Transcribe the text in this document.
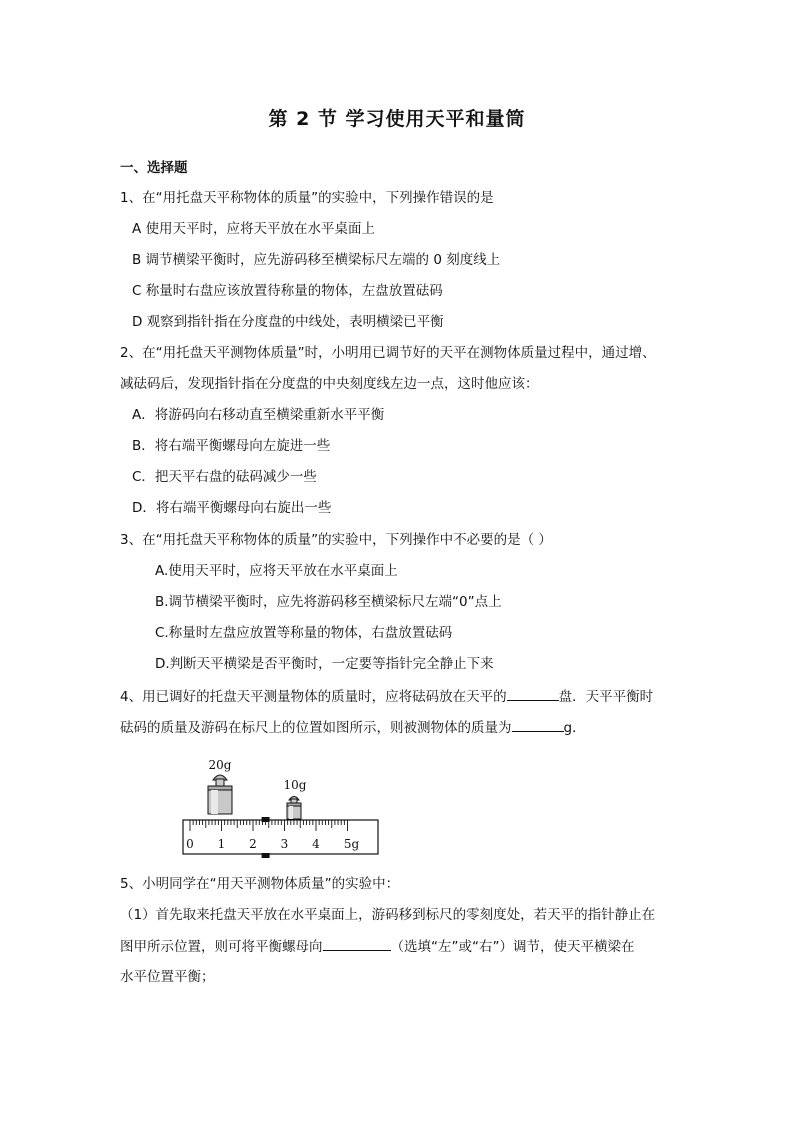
第 2 节 学习使用天平和量筒
一、选择题
1、在“用托盘天平称物体的质量”的实验中，下列操作错误的是
A 使用天平时，应将天平放在水平桌面上
B 调节横梁平衡时，应先游码移至横梁标尺左端的 0 刻度线上
C 称量时右盘应该放置待称量的物体，左盘放置砝码
D 观察到指针指在分度盘的中线处，表明横梁已平衡
2、在“用托盘天平测物体质量”时，小明用已调节好的天平在测物体质量过程中，通过增、
减砝码后，发现指针指在分度盘的中央刻度线左边一点，这时他应该：
A．将游码向右移动直至横梁重新水平平衡
B．将右端平衡螺母向左旋进一些
C．把天平右盘的砝码减少一些
D．将右端平衡螺母向右旋出一些
3、在“用托盘天平称物体的质量”的实验中，下列操作中不必要的是（ ）
A.使用天平时，应将天平放在水平桌面上
B.调节横梁平衡时，应先将游码移至横梁标尺左端“0”点上
C.称量时左盘应放置等称量的物体，右盘放置砝码
D.判断天平横梁是否平衡时，一定要等指针完全静止下来
4、用已调好的托盘天平测量物体的质量时，应将砝码放在天平的	盘．天平平衡时
砝码的质量及游码在标尺上的位置如图所示，则被测物体的质量为	g．
20g
10g
0 1 2 3 4 5g
5、小明同学在“用天平测物体质量”的实验中：
（1）首先取来托盘天平放在水平桌面上，游码移到标尺的零刻度处，若天平的指针静止在
图甲所示位置，则可将平衡螺母向	（选填“左”或“右”）调节，使天平横梁在
水平位置平衡；
